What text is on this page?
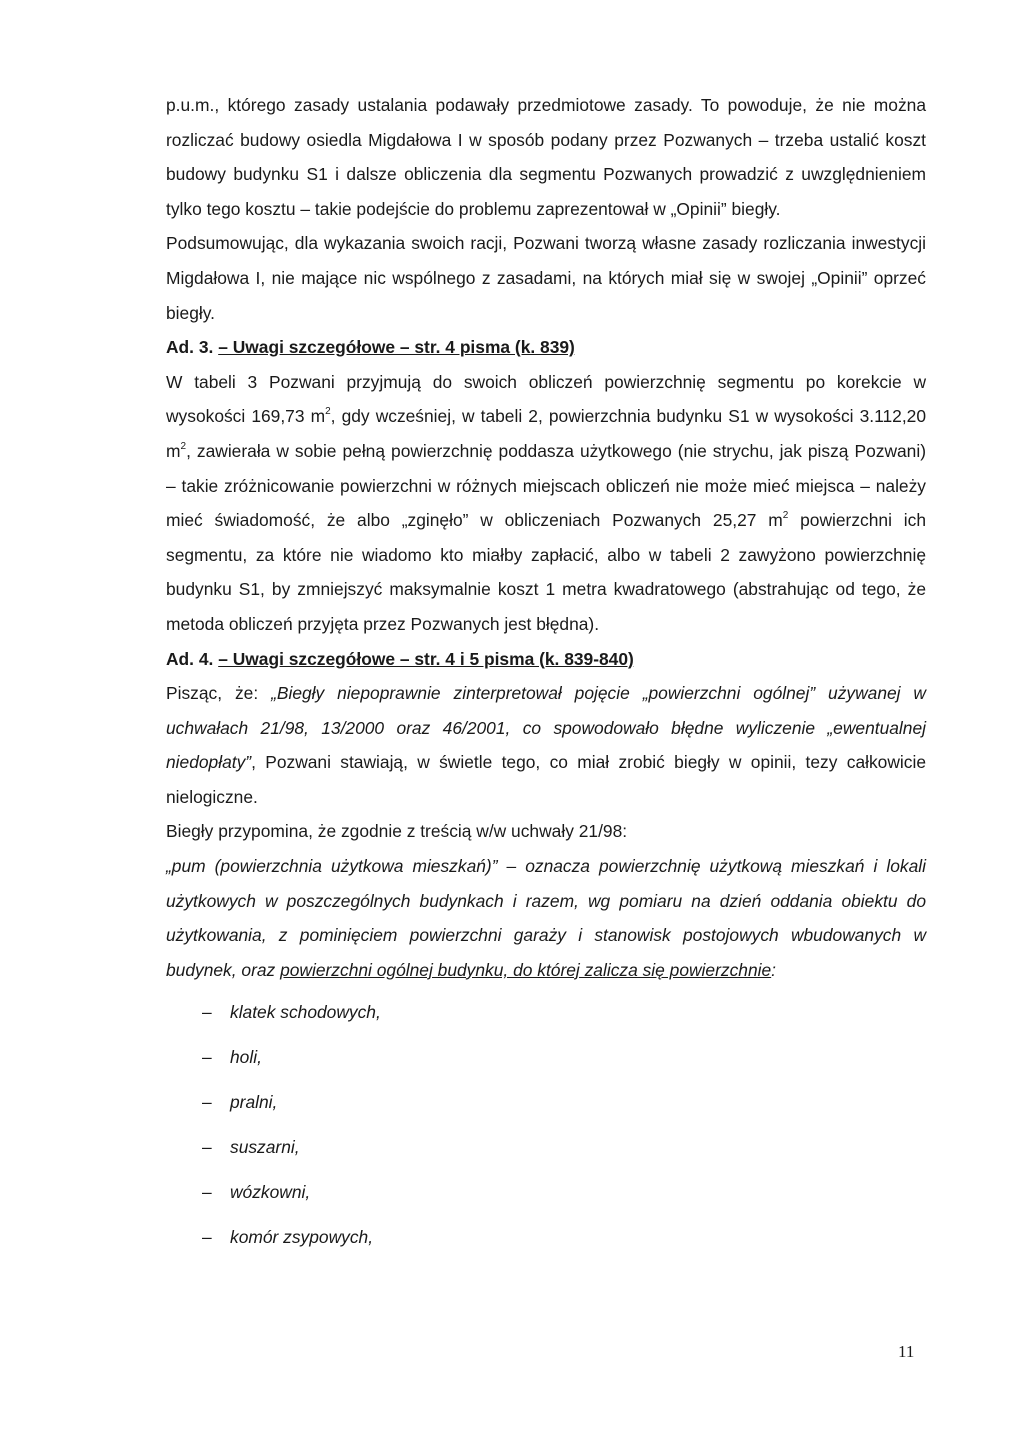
p.u.m., którego zasady ustalania podawały przedmiotowe zasady. To powoduje, że nie można rozliczać budowy osiedla Migdałowa I w sposób podany przez Pozwanych – trzeba ustalić koszt budowy budynku S1 i dalsze obliczenia dla segmentu Pozwanych prowadzić z uwzględnieniem tylko tego kosztu – takie podejście do problemu zaprezentował w „Opinii” biegły.

Podsumowując, dla wykazania swoich racji, Pozwani tworzą własne zasady rozliczania inwestycji Migdałowa I, nie mające nic wspólnego z zasadami, na których miał się w swojej „Opinii” oprzeć biegły.

Ad. 3. – Uwagi szczegółowe – str. 4 pisma (k. 839)

W tabeli 3 Pozwani przyjmują do swoich obliczeń powierzchnię segmentu po korekcie w wysokości 169,73 $m^2$, gdy wcześniej, w tabeli 2, powierzchnia budynku S1 w wysokości 3.112,20 $m^2$, zawierała w sobie pełną powierzchnię poddasza użytkowego (nie strychu, jak piszą Pozwani) – takie zróżnicowanie powierzchni w różnych miejscach obliczeń nie może mieć miejsca – należy mieć świadomość, że albo „zginęło” w obliczeniach Pozwanych 25,27 $m^2$ powierzchni ich segmentu, za które nie wiadomo kto miałby zapłacić, albo w tabeli 2 zawyżono powierzchnię budynku S1, by zmniejszyć maksymalnie koszt 1 metra kwadratowego (abstrahując od tego, że metoda obliczeń przyjęta przez Pozwanych jest błędna).

Ad. 4. – Uwagi szczegółowe – str. 4 i 5 pisma (k. 839-840)

Pisząc, że: „Biegły niepoprawnie zinterpretował pojęcie „powierzchni ogólnej” używanej w uchwałach 21/98, 13/2000 oraz 46/2001, co spowodowało błędne wyliczenie „ewentualnej niedopłaty”, Pozwani stawiają, w świetle tego, co miał zrobić biegły w opinii, tezy całkowicie nielogiczne.

Biegły przypomina, że zgodnie z treścią w/w uchwały 21/98:

„pum (powierzchnia użytkowa mieszkań)” – oznacza powierzchnię użytkową mieszkań i lokali użytkowych w poszczególnych budynkach i razem, wg pomiaru na dzień oddania obiektu do użytkowania, z pominięciem powierzchni garaży i stanowisk postojowych wbudowanych w budynek, oraz powierzchni ogólnej budynku, do której zalicza się powierzchnie:

– klatek schodowych,
– holi,
– pralni,
– suszarni,
– wózkowni,
– komór zsypowych,
11
